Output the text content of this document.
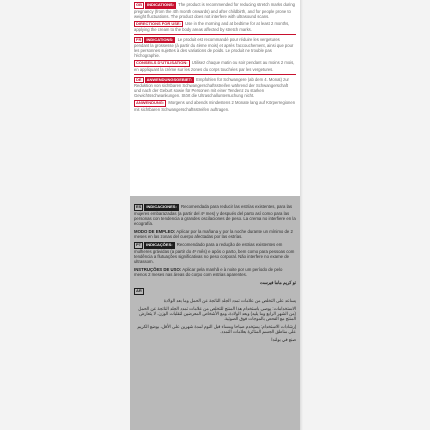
GB INDICATIONS: The product is recommended for reducing stretch marks during pregnancy (from the 4th month onwards) and after childbirth, and for people prone to weight fluctuations. The product does not interfere with ultrasound scans.
DIRECTIONS FOR USE: Use in the morning and at bedtime for at least 2 months, applying the cream to the body areas affected by stretch marks.
FR INDICATIONS: Le produit est recommandé pour réduire les vergetures pendant la grossesse (à partir du 4ème mois) et après l'accouchement, ainsi que pour les personnes sujettes à des variations de poids. Le produit ne trouble pas l'échographie.
CONSEILS D'UTILISATION: Utilisez chaque matin ou soir pendant au moins 2 mois, en appliquant la crème sur les zones du corps touchées par les vergetures.
DE ANWENDUNGSGEBIET: Empfohlen für Schwangere (ab dem 4. Monat) zur Reduktion von sichtbaren Schwangerschaftsstreifen während der Schwangerschaft und nach der Geburt sowie für Personen mit einer Tendenz zu starken Gewichtsschwankungen. Stört die Ultraschalluntersuchung nicht.
ANWENDUNG: Morgens und abends mindestens 2 Monate lang auf Körperregionen mit sichtbaren Schwangerschaftsstreifen auftragen.
ES INDICACIONES: Recomendada para reducir las estrías existentes, para las mujeres embarazadas (a partir del 4º mes) y después del parto así como para las personas con tendencia a grandes oscilaciones de peso. La crema no interfiere en la ecografía.
MODO DE EMPLEO: Aplicar por la mañana y por la noche durante un mínimo de 2 meses en las zonas del cuerpo afectadas por las estrías.
PT INDICAÇÕES: Recomendado para a redução de estrias existentes em mulheres grávidas (a partir do 4º mês) e após o parto, bem como para pessoas com tendência a flutuações significativas no peso corporal. Não interfere no exame de ultrassom.
INSTRUÇÕES DE USO: Aplicar pela manhã e à noite por um período de pelo menos 2 meses nas áreas do corpo com estrias aparentes.
تو كريم ماما فيرست
AR
يساعد على التخلص من علامات تمدد الجلد الناتجة عن الحمل وما بعد الولادة
الاستخدامات: يوصى باستخدام هذا المنتج للتخلص من علامات تمدد الجلد الناتجة عن الحمل (من الشهر الرابع وما يليه) وبعد الولادة، ومع الأشخاص المعرضين لتقلبات الوزن. لا يتعارض المنتج مع الفحص بالموجات فوق الصوتية.
إرشادات الاستخدام: يستخدم صباحا ومساء قبل النوم لمدة شهرين على الأقل، بوضع الكريم على مناطق الجسم المتأثرة بعلامات التمدد.
صنع في بولندا
